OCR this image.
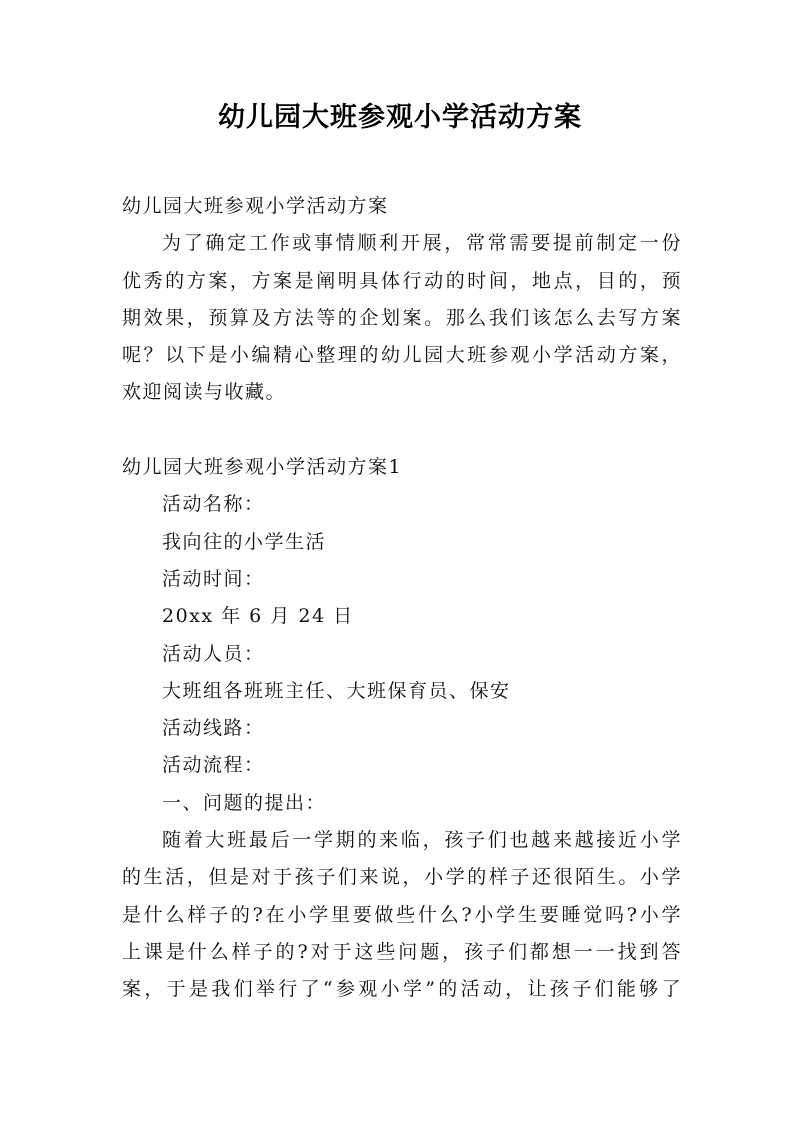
幼儿园大班参观小学活动方案
幼儿园大班参观小学活动方案
为了确定工作或事情顺利开展，常常需要提前制定一份
优秀的方案，方案是阐明具体行动的时间，地点，目的，预
期效果，预算及方法等的企划案。那么我们该怎么去写方案
呢？以下是小编精心整理的幼儿园大班参观小学活动方案，
欢迎阅读与收藏。
幼儿园大班参观小学活动方案1
活动名称：
我向往的小学生活
活动时间：
20xx 年 6 月 24 日
活动人员：
大班组各班班主任、大班保育员、保安
活动线路：
活动流程：
一、问题的提出：
随着大班最后一学期的来临，孩子们也越来越接近小学
的生活，但是对于孩子们来说，小学的样子还很陌生。小学
是什么样子的?在小学里要做些什么?小学生要睡觉吗?小学
上课是什么样子的?对于这些问题，孩子们都想一一找到答
案，于是我们举行了“参观小学”的活动，让孩子们能够了
